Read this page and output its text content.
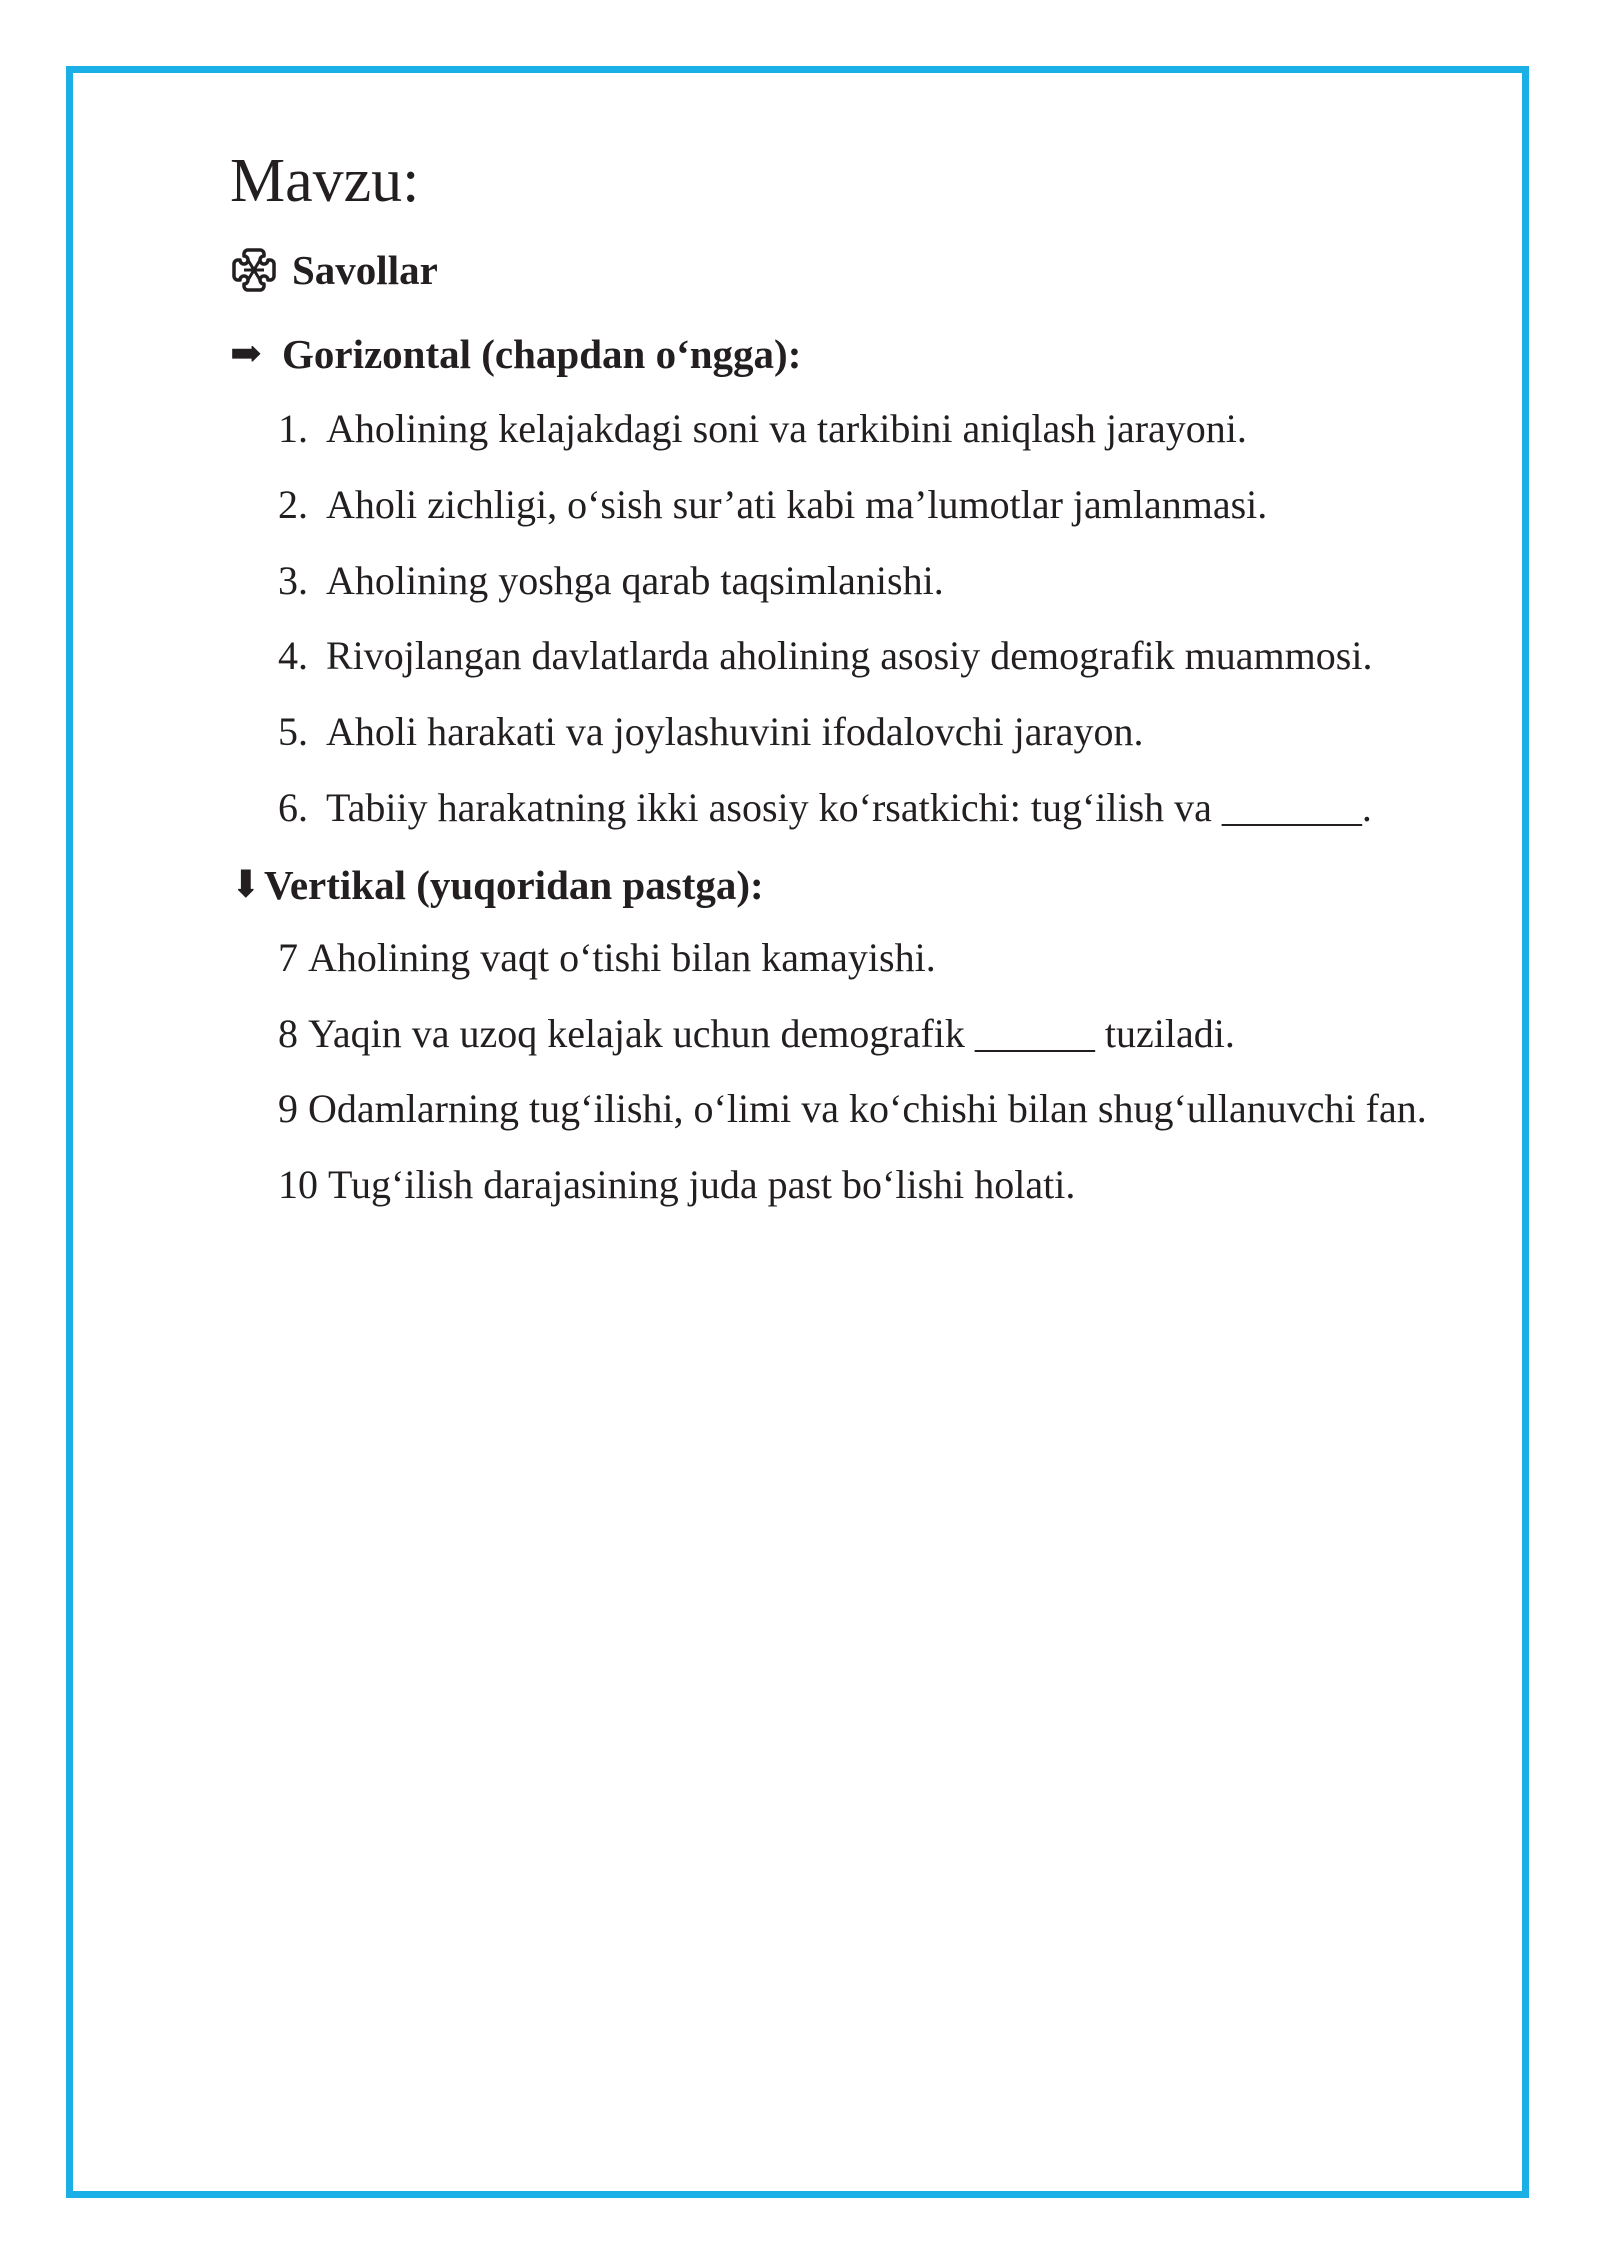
Mavzu:
Savollar
➡ Gorizontal (chapdan o‘ngga):
1. Aholining kelajakdagi soni va tarkibini aniqlash jarayoni.
2. Aholi zichligi, o‘sish sur’ati kabi ma’lumotlar jamlanmasi.
3. Aholining yoshga qarab taqsimlanishi.
4. Rivojlangan davlatlarda aholining asosiy demografik muammosi.
5. Aholi harakati va joylashuvini ifodalovchi jarayon.
6. Tabiiy harakatning ikki asosiy ko‘rsatkichi: tug‘ilish va _______.
⬇ Vertikal (yuqoridan pastga):
7 Aholining vaqt o‘tishi bilan kamayishi.
8 Yaqin va uzoq kelajak uchun demografik ______ tuziladi.
9 Odamlarning tug‘ilishi, o‘limi va ko‘chishi bilan shug‘ullanuvchi fan.
10 Tug‘ilish darajasining juda past bo‘lishi holati.
